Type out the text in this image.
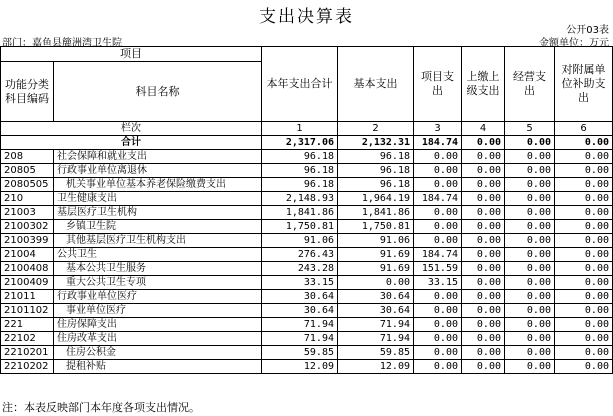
支出决算表
公开03表
部门：嘉鱼县簰洲湾卫生院	金额单位：万元
项目		本年支出合计	基本支出	项目支出	上缴上级支出	经营支出	对附属单位补助支出
功能分类科目编码	科目名称						
栏次		1	2	3	4	5	6
合计		2,317.06	2,132.31	184.74	0.00	0.00	0.00
208	社会保障和就业支出	96.18	96.18	0.00	0.00	0.00	0.00
20805	行政事业单位离退休	96.18	96.18	0.00	0.00	0.00	0.00
2080505	机关事业单位基本养老保险缴费支出	96.18	96.18	0.00	0.00	0.00	0.00
210	卫生健康支出	2,148.93	1,964.19	184.74	0.00	0.00	0.00
21003	基层医疗卫生机构	1,841.86	1,841.86	0.00	0.00	0.00	0.00
2100302	乡镇卫生院	1,750.81	1,750.81	0.00	0.00	0.00	0.00
2100399	其他基层医疗卫生机构支出	91.06	91.06	0.00	0.00	0.00	0.00
21004	公共卫生	276.43	91.69	184.74	0.00	0.00	0.00
2100408	基本公共卫生服务	243.28	91.69	151.59	0.00	0.00	0.00
2100409	重大公共卫生专项	33.15	0.00	33.15	0.00	0.00	0.00
21011	行政事业单位医疗	30.64	30.64	0.00	0.00	0.00	0.00
2101102	事业单位医疗	30.64	30.64	0.00	0.00	0.00	0.00
221	住房保障支出	71.94	71.94	0.00	0.00	0.00	0.00
22102	住房改革支出	71.94	71.94	0.00	0.00	0.00	0.00
2210201	住房公积金	59.85	59.85	0.00	0.00	0.00	0.00
2210202	提租补贴	12.09	12.09	0.00	0.00	0.00	0.00
注：本表反映部门本年度各项支出情况。
